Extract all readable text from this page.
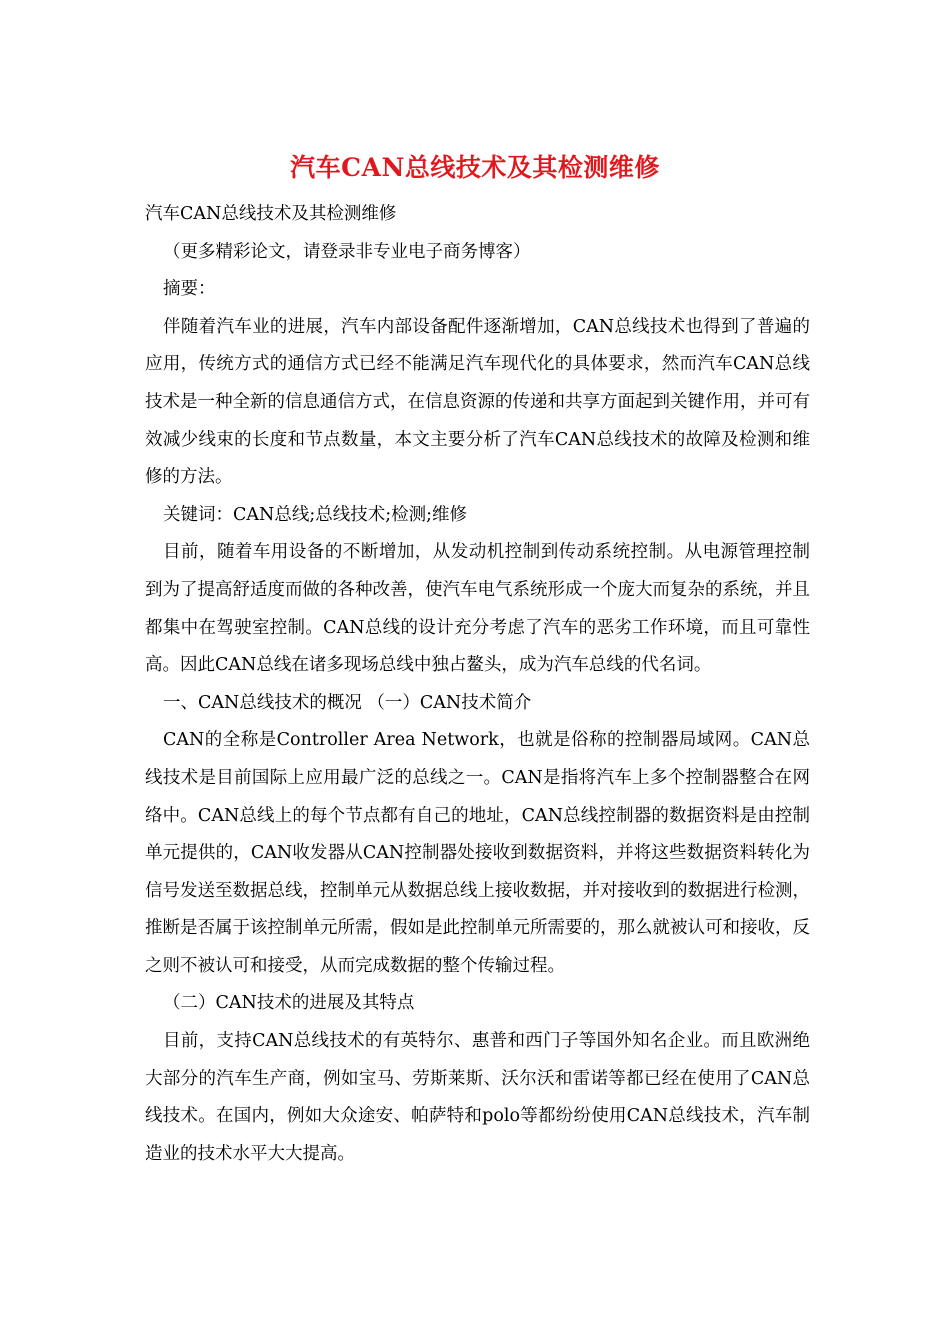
汽车CAN总线技术及其检测维修

汽车CAN总线技术及其检测维修

（更多精彩论文，请登录非专业电子商务博客）

摘要：

伴随着汽车业的进展，汽车内部设备配件逐渐增加，CAN总线技术也得到了普遍的应用，传统方式的通信方式已经不能满足汽车现代化的具体要求，然而汽车CAN总线技术是一种全新的信息通信方式，在信息资源的传递和共享方面起到关键作用，并可有效减少线束的长度和节点数量，本文主要分析了汽车CAN总线技术的故障及检测和维修的方法。

关键词：CAN总线;总线技术;检测;维修

目前，随着车用设备的不断增加，从发动机控制到传动系统控制。从电源管理控制到为了提高舒适度而做的各种改善，使汽车电气系统形成一个庞大而复杂的系统，并且都集中在驾驶室控制。CAN总线的设计充分考虑了汽车的恶劣工作环境，而且可靠性高。因此CAN总线在诸多现场总线中独占鳌头，成为汽车总线的代名词。

一、CAN总线技术的概况 （一）CAN技术简介

CAN的全称是Controller Area Network，也就是俗称的控制器局域网。CAN总线技术是目前国际上应用最广泛的总线之一。CAN是指将汽车上多个控制器整合在网络中。CAN总线上的每个节点都有自己的地址，CAN总线控制器的数据资料是由控制单元提供的，CAN收发器从CAN控制器处接收到数据资料，并将这些数据资料转化为信号发送至数据总线，控制单元从数据总线上接收数据，并对接收到的数据进行检测，推断是否属于该控制单元所需，假如是此控制单元所需要的，那么就被认可和接收，反之则不被认可和接受，从而完成数据的整个传输过程。

（二）CAN技术的进展及其特点

目前，支持CAN总线技术的有英特尔、惠普和西门子等国外知名企业。而且欧洲绝大部分的汽车生产商，例如宝马、劳斯莱斯、沃尔沃和雷诺等都已经在使用了CAN总线技术。在国内，例如大众途安、帕萨特和polo等都纷纷使用CAN总线技术，汽车制造业的技术水平大大提高。
